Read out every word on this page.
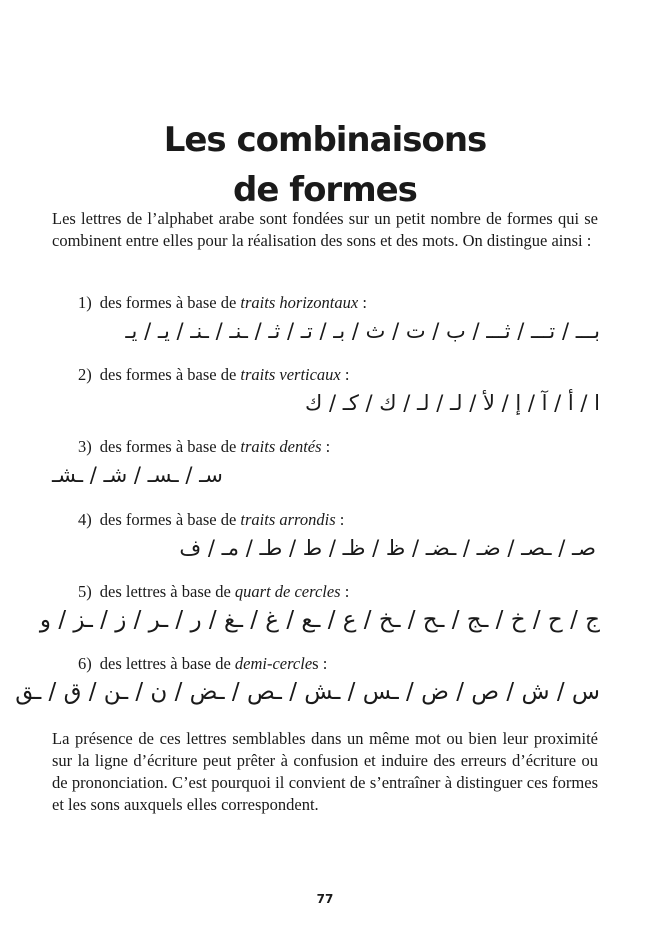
Les combinaisons
de formes

Les lettres de l’alphabet arabe sont fondées sur un petit nombre de formes qui se combinent entre elles pour la réalisation des sons et des mots. On distingue ainsi :

1) des formes à base de traits horizontaux :
بـــ / تـــ / ثـــ / ب / ت / ث / بـ / تـ / ثـ / ـنـ / ـنـ / يـ / يـ
2) des formes à base de traits verticaux :
ا / أ / آ / إ / لأ / لـ / لـ / ك / كـ / ك
3) des formes à base de traits dentés :
سـ / ـسـ / شـ / ـشـ
4) des formes à base de traits arrondis :
صـ / ـصـ / ضـ / ـضـ / ظ / ظـ / ط / طـ / مـ / ف
5) des lettres à base de quart de cercles :
ج / ح / خ / ـج / ـح / ـخ / ع / ـع / غ / ـغ / ر / ـر / ز / ـز / و
6) des lettres à base de demi-cercles :
س / ش / ص / ض / ـس / ـش / ـص / ـض / ن / ـن / ق / ـق

La présence de ces lettres semblables dans un même mot ou bien leur proximité sur la ligne d’écriture peut prêter à confusion et induire des erreurs d’écriture ou de prononciation. C’est pourquoi il convient de s’entraîner à distinguer ces formes et les sons auxquels elles correspondent.

77
